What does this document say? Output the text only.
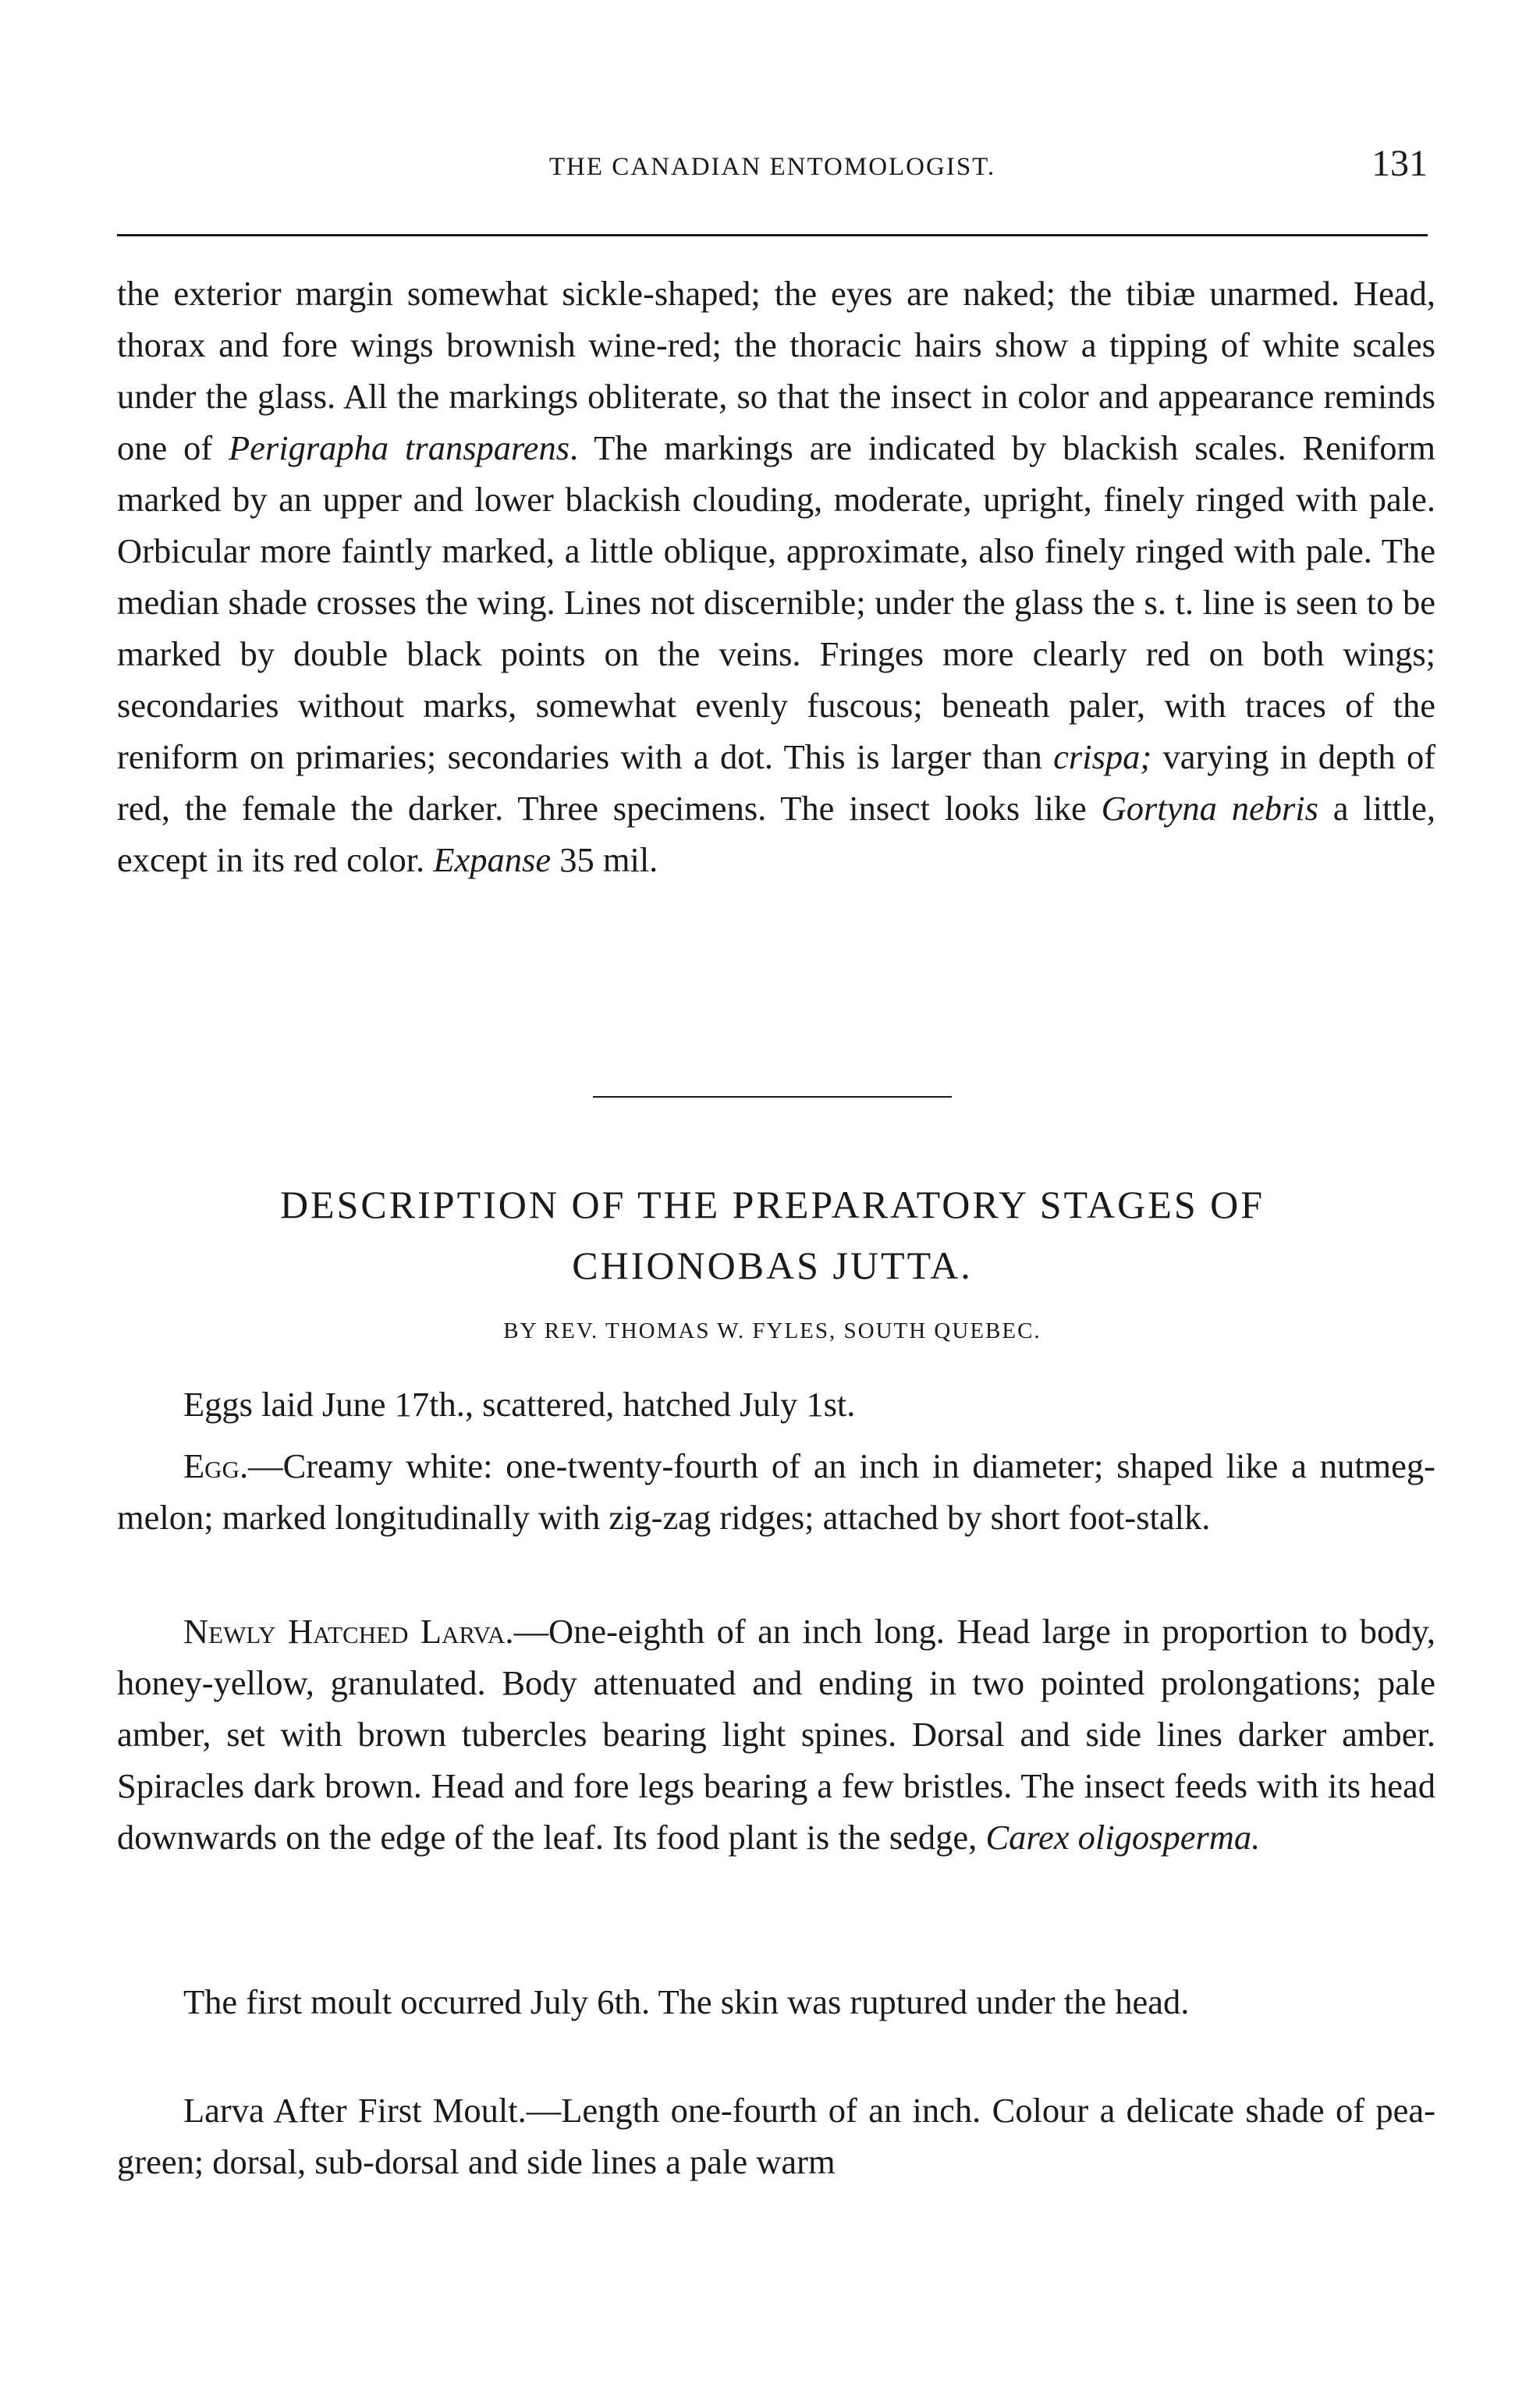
THE CANADIAN ENTOMOLOGIST.	131

the exterior margin somewhat sickle-shaped; the eyes are naked; the tibiæ unarmed. Head, thorax and fore wings brownish wine-red; the thoracic hairs show a tipping of white scales under the glass. All the markings obliterate, so that the insect in color and appearance reminds one of Perigrapha transparens. The markings are indicated by blackish scales. Reniform marked by an upper and lower blackish clouding, moderate, upright, finely ringed with pale. Orbicular more faintly marked, a little oblique, approximate, also finely ringed with pale. The median shade crosses the wing. Lines not discernible; under the glass the s. t. line is seen to be marked by double black points on the veins. Fringes more clearly red on both wings; secondaries without marks, somewhat evenly fuscous; beneath paler, with traces of the reniform on primaries; secondaries with a dot. This is larger than crispa; varying in depth of red, the female the darker. Three specimens. The insect looks like Gortyna nebris a little, except in its red color. Expanse 35 mil.

DESCRIPTION OF THE PREPARATORY STAGES OF
CHIONOBAS JUTTA.
BY REV. THOMAS W. FYLES, SOUTH QUEBEC.

Eggs laid June 17th., scattered, hatched July 1st.

Egg.—Creamy white: one-twenty-fourth of an inch in diameter; shaped like a nutmeg-melon; marked longitudinally with zig-zag ridges; attached by short foot-stalk.

Newly Hatched Larva.—One-eighth of an inch long. Head large in proportion to body, honey-yellow, granulated. Body attenuated and ending in two pointed prolongations; pale amber, set with brown tubercles bearing light spines. Dorsal and side lines darker amber. Spiracles dark brown. Head and fore legs bearing a few bristles. The insect feeds with its head downwards on the edge of the leaf. Its food plant is the sedge, Carex oligosperma.

The first moult occurred July 6th. The skin was ruptured under the head.

Larva After First Moult.—Length one-fourth of an inch. Colour a delicate shade of pea-green; dorsal, sub-dorsal and side lines a pale warm
